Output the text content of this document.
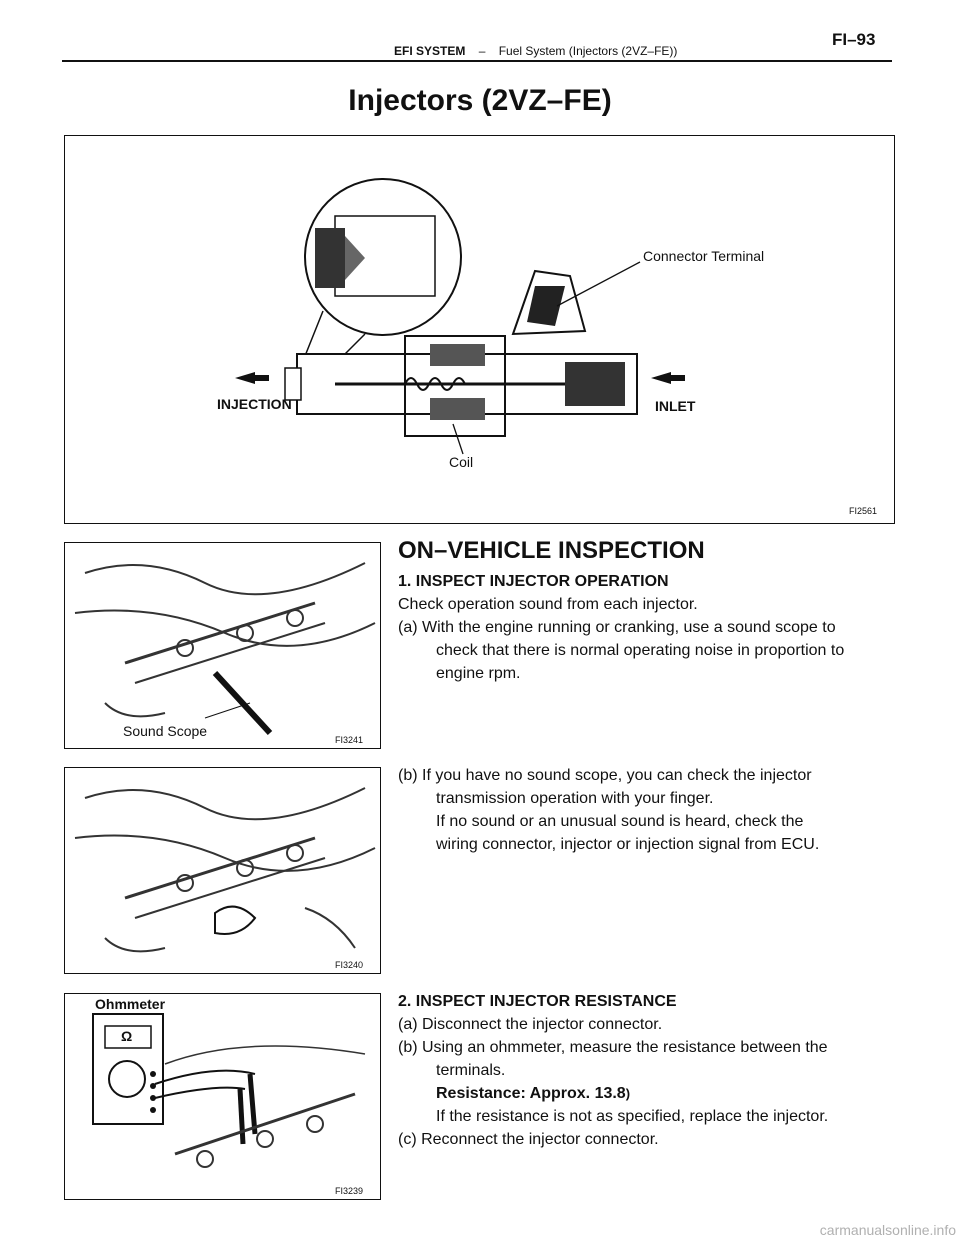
EFI SYSTEM – Fuel System (Injectors (2VZ–FE))
FI–93
Injectors (2VZ–FE)
Connector Terminal
INJECTION	INLET
Coil
FI2561
Sound Scope
FI3241
FI3240
Ohmmeter
Ω
FI3239
ON–VEHICLE INSPECTION
1. INSPECT INJECTOR OPERATION
Check operation sound from each injector.
(a) With the engine running or cranking, use a sound scope to
check that there is normal operating noise in proportion to
engine rpm.
(b) If you have no sound scope, you can check the injector
transmission operation with your finger.
If no sound or an unusual sound is heard, check the
wiring connector, injector or injection signal from ECU.
2. INSPECT INJECTOR RESISTANCE
(a) Disconnect the injector connector.
(b) Using an ohmmeter, measure the resistance between the
terminals.
Resistance: Approx. 13.8)
If the resistance is not as specified, replace the injector.
(c) Reconnect the injector connector.
carmanualsonline.info
